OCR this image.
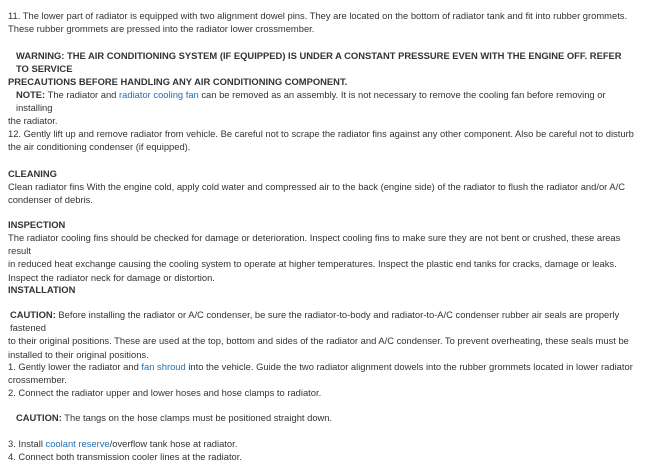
11. The lower part of radiator is equipped with two alignment dowel pins. They are located on the bottom of radiator tank and fit into rubber grommets.
These rubber grommets are pressed into the radiator lower crossmember.

WARNING: THE AIR CONDITIONING SYSTEM (IF EQUIPPED) IS UNDER A CONSTANT PRESSURE EVEN WITH THE ENGINE OFF. REFER TO SERVICE
PRECAUTIONS BEFORE HANDLING ANY AIR CONDITIONING COMPONENT.

NOTE: The radiator and radiator cooling fan can be removed as an assembly. It is not necessary to remove the cooling fan before removing or installing
the radiator.

12. Gently lift up and remove radiator from vehicle. Be careful not to scrape the radiator fins against any other component. Also be careful not to disturb
the air conditioning condenser (if equipped).

CLEANING

Clean radiator fins With the engine cold, apply cold water and compressed air to the back (engine side) of the radiator to flush the radiator and/or A/C
condenser of debris.

INSPECTION

The radiator cooling fins should be checked for damage or deterioration. Inspect cooling fins to make sure they are not bent or crushed, these areas result
in reduced heat exchange causing the cooling system to operate at higher temperatures. Inspect the plastic end tanks for cracks, damage or leaks.
Inspect the radiator neck for damage or distortion.

INSTALLATION

CAUTION: Before installing the radiator or A/C condenser, be sure the radiator-to-body and radiator-to-A/C condenser rubber air seals are properly fastened
to their original positions. These are used at the top, bottom and sides of the radiator and A/C condenser. To prevent overheating, these seals must be
installed to their original positions.

1. Gently lower the radiator and fan shroud into the vehicle. Guide the two radiator alignment dowels into the rubber grommets located in lower radiator
crossmember.
2. Connect the radiator upper and lower hoses and hose clamps to radiator.

CAUTION: The tangs on the hose clamps must be positioned straight down.

3. Install coolant reserve/overflow tank hose at radiator.
4. Connect both transmission cooler lines at the radiator.
